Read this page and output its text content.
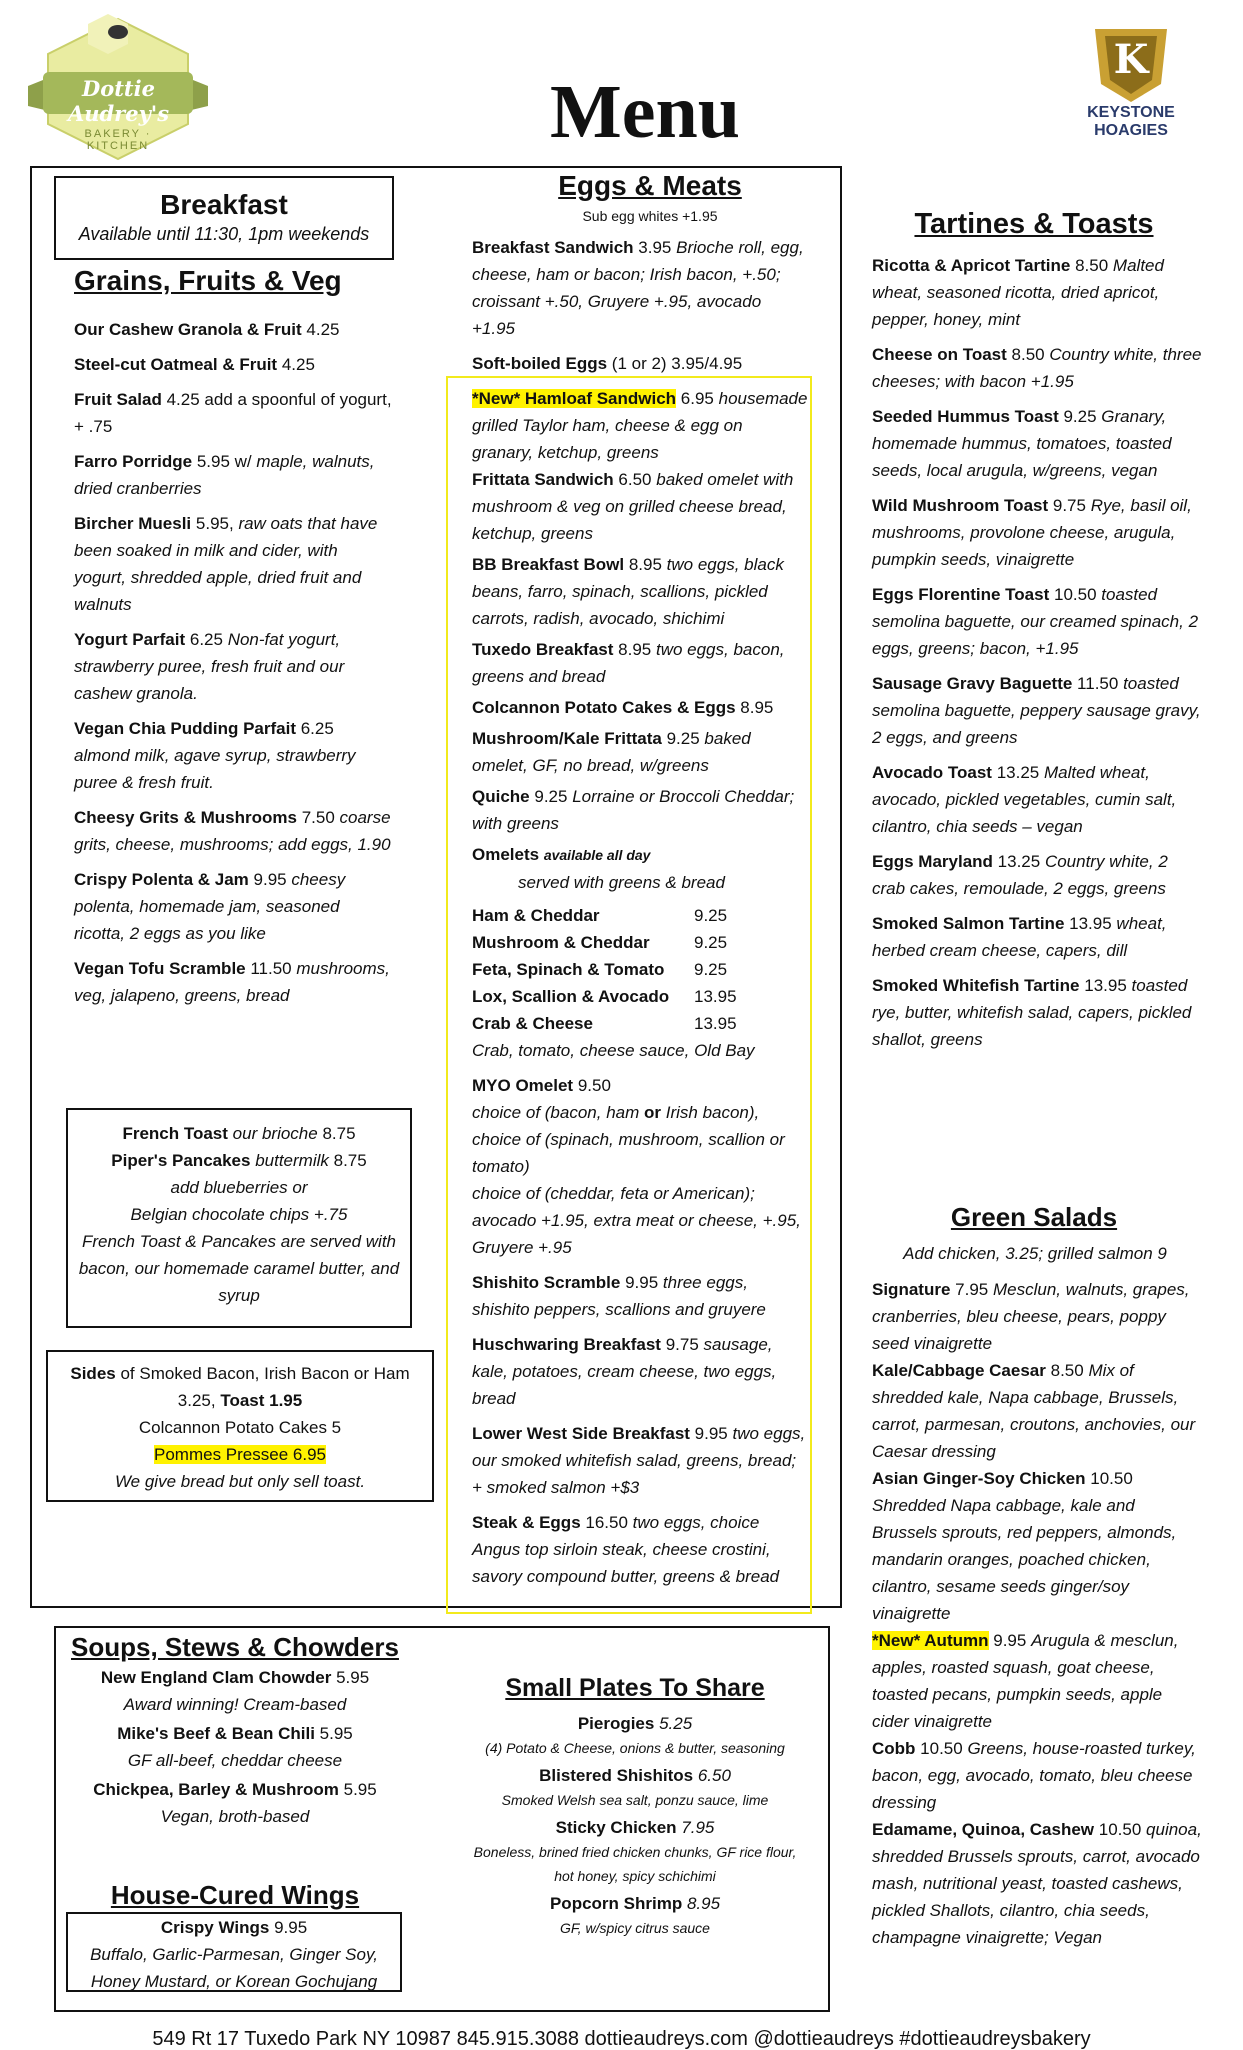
Dottie Audrey's
BAKERY · KITCHEN
K
KEYSTONE
HOAGIES
Menu
Breakfast
Available until 11:30, 1pm weekends
Grains, Fruits & Veg
Our Cashew Granola & Fruit 4.25
Steel-cut Oatmeal & Fruit 4.25
Fruit Salad 4.25 add a spoonful of yogurt, + .75
Farro Porridge 5.95 w/ maple, walnuts, dried cranberries
Bircher Muesli 5.95, raw oats that have been soaked in milk and cider, with yogurt, shredded apple, dried fruit and walnuts
Yogurt Parfait 6.25 Non-fat yogurt, strawberry puree, fresh fruit and our cashew granola.
Vegan Chia Pudding Parfait 6.25 almond milk, agave syrup, strawberry puree & fresh fruit.
Cheesy Grits & Mushrooms 7.50 coarse grits, cheese, mushrooms; add eggs, 1.90
Crispy Polenta & Jam 9.95 cheesy polenta, homemade jam, seasoned ricotta, 2 eggs as you like
Vegan Tofu Scramble 11.50 mushrooms, veg, jalapeno, greens, bread
French Toast our brioche 8.75
Piper's Pancakes buttermilk 8.75
add blueberries or
Belgian chocolate chips +.75
French Toast & Pancakes are served with bacon, our homemade caramel butter, and syrup
Sides of Smoked Bacon, Irish Bacon or Ham 3.25, Toast 1.95
Colcannon Potato Cakes 5
Pommes Pressee 6.95
We give bread but only sell toast.
Eggs & Meats
Sub egg whites +1.95
Breakfast Sandwich 3.95 Brioche roll, egg, cheese, ham or bacon; Irish bacon, +.50; croissant +.50, Gruyere +.95, avocado +1.95
Soft-boiled Eggs (1 or 2) 3.95/4.95
*New* Hamloaf Sandwich 6.95 housemade grilled Taylor ham, cheese & egg on granary, ketchup, greens
Frittata Sandwich 6.50 baked omelet with mushroom & veg on grilled cheese bread, ketchup, greens
BB Breakfast Bowl 8.95 two eggs, black beans, farro, spinach, scallions, pickled carrots, radish, avocado, shichimi
Tuxedo Breakfast 8.95 two eggs, bacon, greens and bread
Colcannon Potato Cakes & Eggs 8.95
Mushroom/Kale Frittata 9.25 baked omelet, GF, no bread, w/greens
Quiche 9.25 Lorraine or Broccoli Cheddar; with greens
Omelets available all day
served with greens & bread
Ham & Cheddar	9.25
Mushroom & Cheddar	9.25
Feta, Spinach & Tomato	9.25
Lox, Scallion & Avocado	13.95
Crab & Cheese	13.95
Crab, tomato, cheese sauce, Old Bay
MYO Omelet 9.50
choice of (bacon, ham or Irish bacon), choice of (spinach, mushroom, scallion or tomato)
choice of (cheddar, feta or American); avocado +1.95, extra meat or cheese, +.95, Gruyere +.95
Shishito Scramble 9.95 three eggs, shishito peppers, scallions and gruyere
Huschwaring Breakfast 9.75 sausage, kale, potatoes, cream cheese, two eggs, bread
Lower West Side Breakfast 9.95 two eggs, our smoked whitefish salad, greens, bread; + smoked salmon +$3
Steak & Eggs 16.50 two eggs, choice Angus top sirloin steak, cheese crostini, savory compound butter, greens & bread
Tartines & Toasts
Ricotta & Apricot Tartine 8.50 Malted wheat, seasoned ricotta, dried apricot, pepper, honey, mint
Cheese on Toast 8.50 Country white, three cheeses; with bacon +1.95
Seeded Hummus Toast 9.25 Granary, homemade hummus, tomatoes, toasted seeds, local arugula, w/greens, vegan
Wild Mushroom Toast 9.75 Rye, basil oil, mushrooms, provolone cheese, arugula, pumpkin seeds, vinaigrette
Eggs Florentine Toast 10.50 toasted semolina baguette, our creamed spinach, 2 eggs, greens; bacon, +1.95
Sausage Gravy Baguette 11.50 toasted semolina baguette, peppery sausage gravy, 2 eggs, and greens
Avocado Toast 13.25 Malted wheat, avocado, pickled vegetables, cumin salt, cilantro, chia seeds – vegan
Eggs Maryland 13.25 Country white, 2 crab cakes, remoulade, 2 eggs, greens
Smoked Salmon Tartine 13.95 wheat, herbed cream cheese, capers, dill
Smoked Whitefish Tartine 13.95 toasted rye, butter, whitefish salad, capers, pickled shallot, greens
Green Salads
Add chicken, 3.25; grilled salmon 9
Signature 7.95 Mesclun, walnuts, grapes, cranberries, bleu cheese, pears, poppy seed vinaigrette
Kale/Cabbage Caesar 8.50 Mix of shredded kale, Napa cabbage, Brussels, carrot, parmesan, croutons, anchovies, our Caesar dressing
Asian Ginger-Soy Chicken 10.50 Shredded Napa cabbage, kale and Brussels sprouts, red peppers, almonds, mandarin oranges, poached chicken, cilantro, sesame seeds ginger/soy vinaigrette
*New* Autumn 9.95 Arugula & mesclun, apples, roasted squash, goat cheese, toasted pecans, pumpkin seeds, apple cider vinaigrette
Cobb 10.50 Greens, house-roasted turkey, bacon, egg, avocado, tomato, bleu cheese dressing
Edamame, Quinoa, Cashew 10.50 quinoa, shredded Brussels sprouts, carrot, avocado mash, nutritional yeast, toasted cashews, pickled Shallots, cilantro, chia seeds, champagne vinaigrette; Vegan
Soups, Stews & Chowders
New England Clam Chowder 5.95
Award winning! Cream-based
Mike's Beef & Bean Chili 5.95
GF all-beef, cheddar cheese
Chickpea, Barley & Mushroom 5.95
Vegan, broth-based
House-Cured Wings
Crispy Wings 9.95
Buffalo, Garlic-Parmesan, Ginger Soy, Honey Mustard, or Korean Gochujang
Small Plates To Share
Pierogies 5.25
(4) Potato & Cheese, onions & butter, seasoning
Blistered Shishitos 6.50
Smoked Welsh sea salt, ponzu sauce, lime
Sticky Chicken 7.95
Boneless, brined fried chicken chunks, GF rice flour, hot honey, spicy schichimi
Popcorn Shrimp 8.95
GF, w/spicy citrus sauce
549 Rt 17 Tuxedo Park NY 10987 845.915.3088 dottieaudreys.com @dottieaudreys #dottieaudreysbakery
